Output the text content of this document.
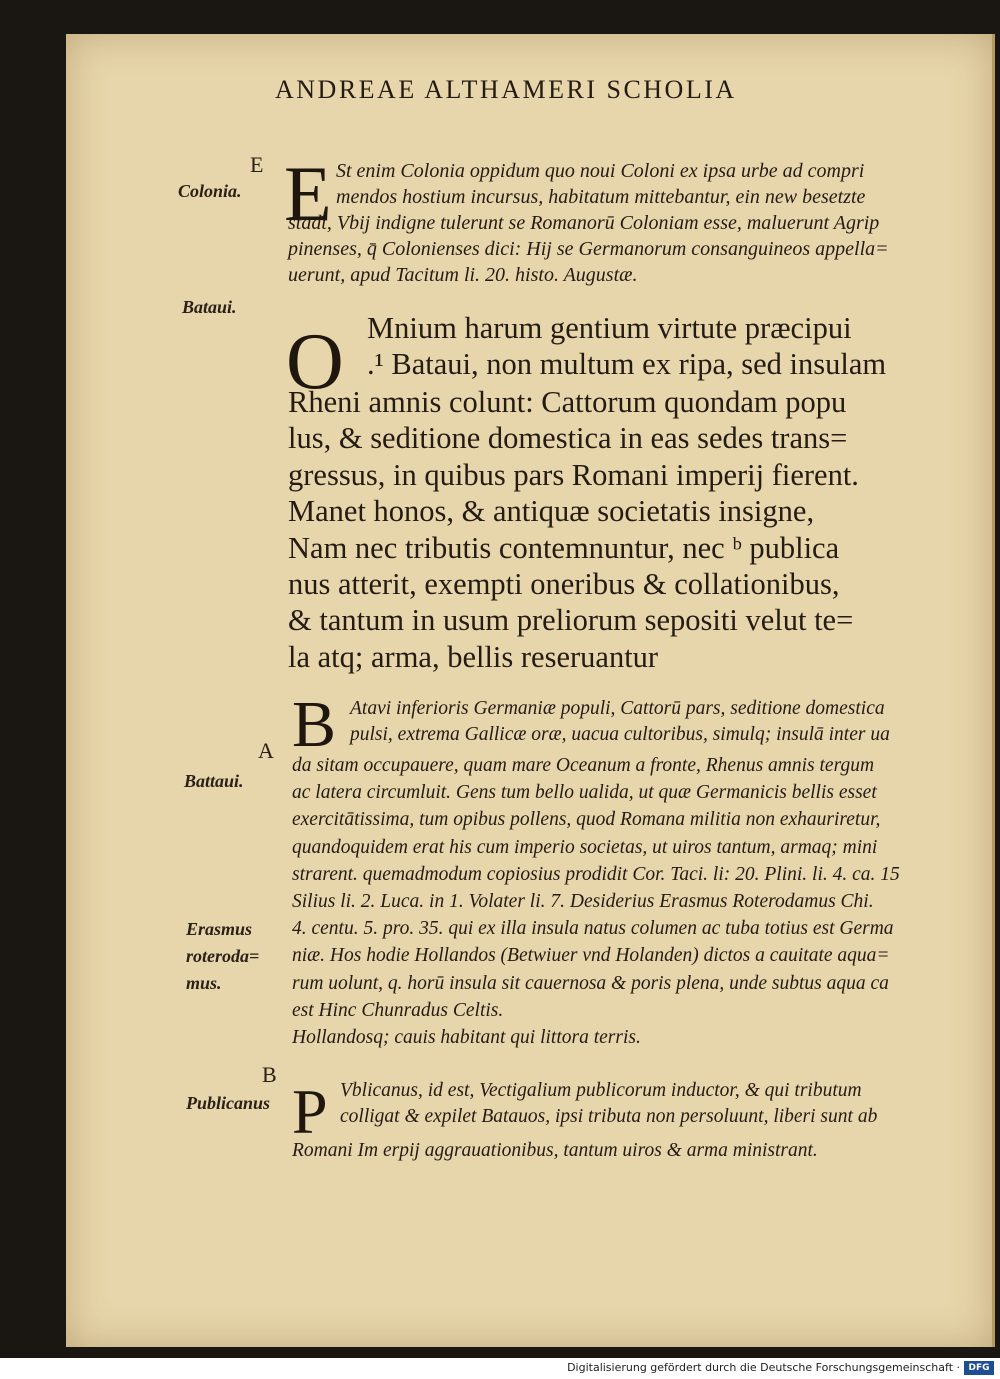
ANDREAE ALTHAMERI SCHOLIA

E
Colonia.
Bataui.
A
Battaui.
Erasmus
roteroda=
mus.
B
Publicanus
E St enim Colonia oppidum quo noui Coloni ex ipsa urbe ad compri
mendos hostium incursus, habitatum mittebantur, ein new besetzte
stadt, Vbij indigne tulerunt se Romanorū Coloniam esse, maluerunt Agrip
pinenses, q̄ Colonienses dici: Hij se Germanorum consanguineos appella=
uerunt, apud Tacitum li. 20. histo. Augustæ.
O Mnium harum gentium virtute præcipui
.¹ Bataui, non multum ex ripa, sed insulam
Rheni amnis colunt: Cattorum quondam popu
lus, & seditione domestica in eas sedes trans=
gressus, in quibus pars Romani imperij fierent.
Manet honos, & antiquæ societatis insigne,
Nam nec tributis contemnuntur, nec ᵇ publica
nus atterit, exempti oneribus & collationibus,
& tantum in usum preliorum sepositi velut te=
la atq; arma, bellis reseruantur
B Atavi inferioris Germaniæ populi, Cattorū pars, seditione domestica
pulsi, extrema Gallicæ oræ, uacua cultoribus, simulq; insulā inter ua
da sitam occupauere, quam mare Oceanum a fronte, Rhenus amnis tergum
ac latera circumluit. Gens tum bello ualida, ut quæ Germanicis bellis esset
exercitātissima, tum opibus pollens, quod Romana militia non exhauriretur,
quandoquidem erat his cum imperio societas, ut uiros tantum, armaq; mini
strarent. quemadmodum copiosius prodidit Cor. Taci. li: 20. Plini. li. 4. ca. 15
Silius li. 2. Luca. in 1. Volater li. 7. Desiderius Erasmus Roterodamus Chi.
4. centu. 5. pro. 35. qui ex illa insula natus columen ac tuba totius est Germa
niæ. Hos hodie Hollandos (Betwiuer vnd Holanden) dictos a cauitate aqua=
rum uolunt, q. horū insula sit cauernosa & poris plena, unde subtus aqua ca
est Hinc Chunradus Celtis.
Hollandosq; cauis habitant qui littora terris.
P Vblicanus, id est, Vectigalium publicorum inductor, & qui tributum
colligat & expilet Batauos, ipsi tributa non persoluunt, liberi sunt ab
Romani Im erpij aggrauationibus, tantum uiros & arma ministrant.
Digitalisierung gefördert durch die Deutsche Forschungsgemeinschaft · DFG
